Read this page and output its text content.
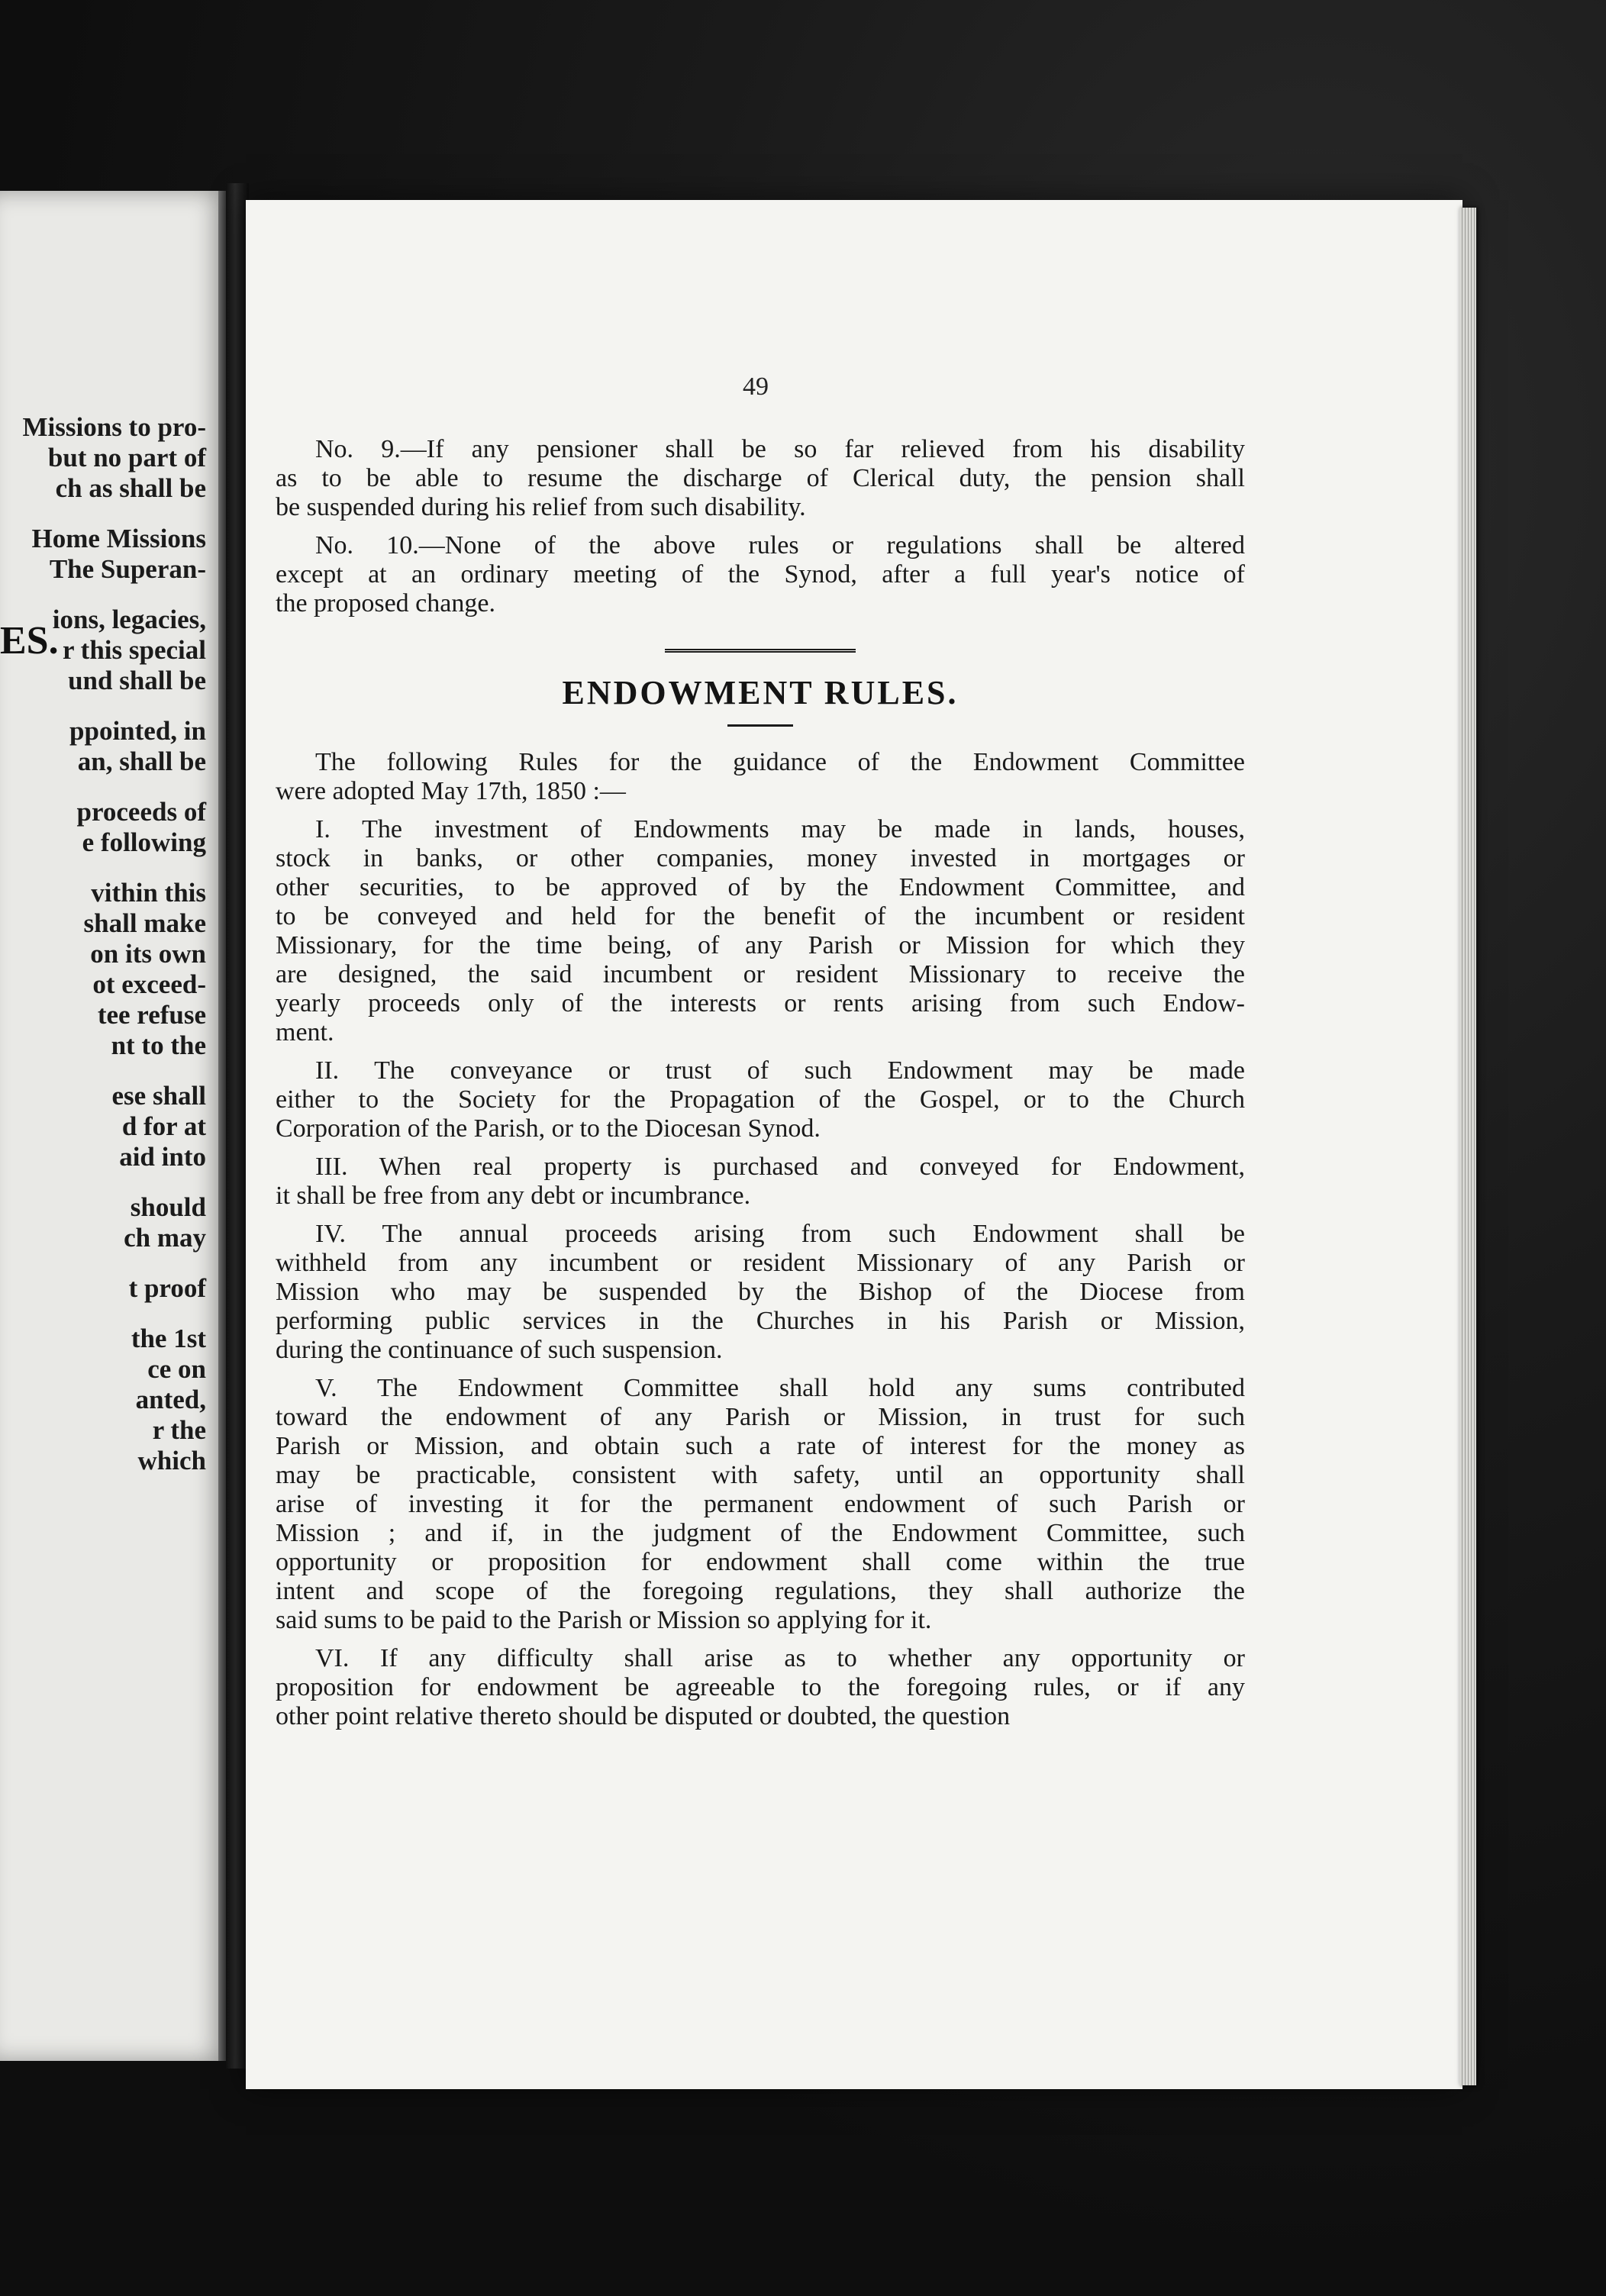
ES.
Missions to pro-
but no part of
ch as shall be
Home Missions
The Superan-
ions, legacies,
r this special
und shall be
ppointed, in
an, shall be
proceeds of
e following
vithin this
shall make
on its own
ot exceed-
tee refuse
nt to the
ese shall
d for at
aid into
should
ch may
t proof
the 1st
ce on
anted,
r the
which
49
No. 9.—If any pensioner shall be so far relieved from his disability
as to be able to resume the discharge of Clerical duty, the pension shall
be suspended during his relief from such disability.
No. 10.—None of the above rules or regulations shall be altered
except at an ordinary meeting of the Synod, after a full year's notice of
the proposed change.
ENDOWMENT RULES.
The following Rules for the guidance of the Endowment Committee
were adopted May 17th, 1850 :—
I. The investment of Endowments may be made in lands, houses,
stock in banks, or other companies, money invested in mortgages or
other securities, to be approved of by the Endowment Committee, and
to be conveyed and held for the benefit of the incumbent or resident
Missionary, for the time being, of any Parish or Mission for which they
are designed, the said incumbent or resident Missionary to receive the
yearly proceeds only of the interests or rents arising from such Endow-
ment.
II. The conveyance or trust of such Endowment may be made
either to the Society for the Propagation of the Gospel, or to the Church
Corporation of the Parish, or to the Diocesan Synod.
III. When real property is purchased and conveyed for Endowment,
it shall be free from any debt or incumbrance.
IV. The annual proceeds arising from such Endowment shall be
withheld from any incumbent or resident Missionary of any Parish or
Mission who may be suspended by the Bishop of the Diocese from
performing public services in the Churches in his Parish or Mission,
during the continuance of such suspension.
V. The Endowment Committee shall hold any sums contributed
toward the endowment of any Parish or Mission, in trust for such
Parish or Mission, and obtain such a rate of interest for the money as
may be practicable, consistent with safety, until an opportunity shall
arise of investing it for the permanent endowment of such Parish or
Mission ; and if, in the judgment of the Endowment Committee, such
opportunity or proposition for endowment shall come within the true
intent and scope of the foregoing regulations, they shall authorize the
said sums to be paid to the Parish or Mission so applying for it.
VI. If any difficulty shall arise as to whether any opportunity or
proposition for endowment be agreeable to the foregoing rules, or if any
other point relative thereto should be disputed or doubted, the question
